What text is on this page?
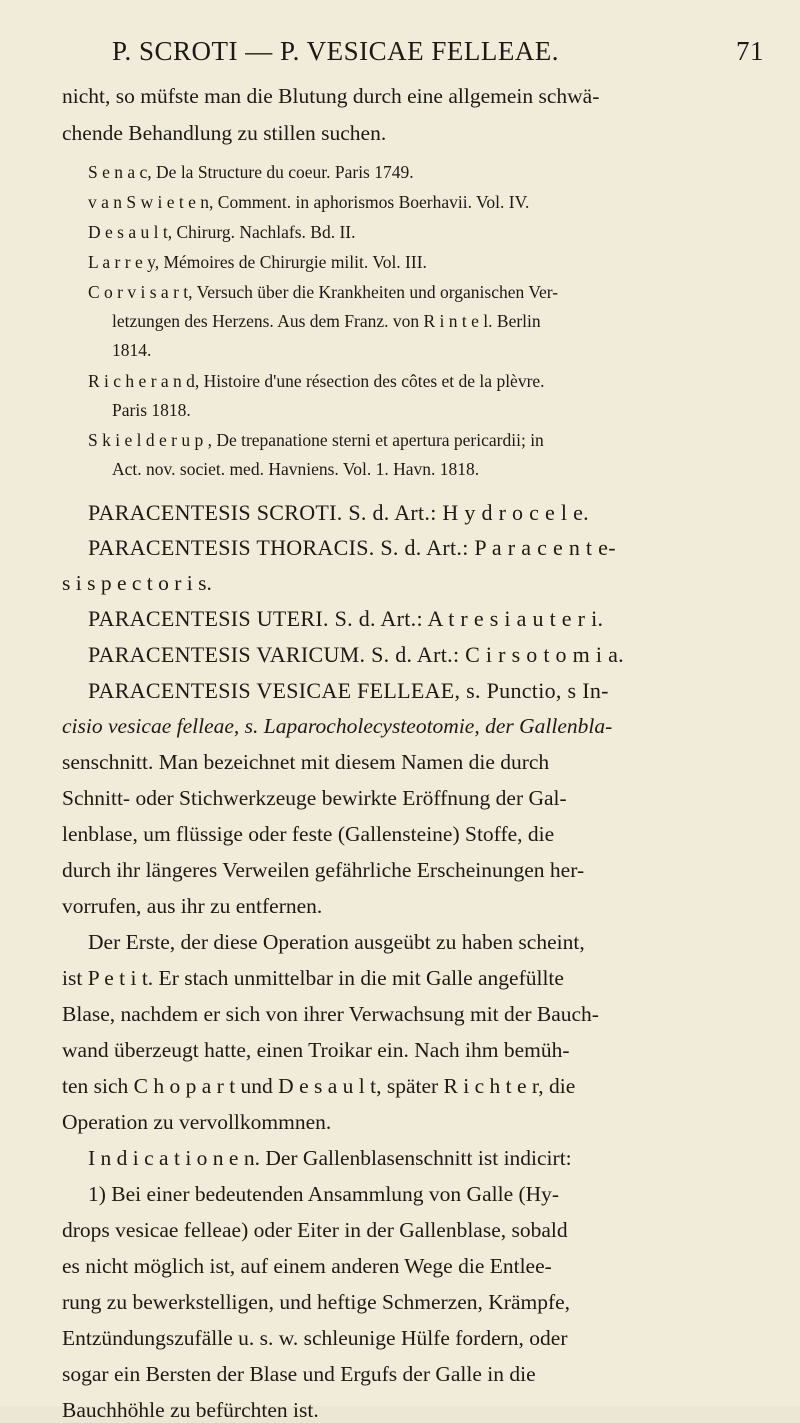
P. SCROTI — P. VESICAE FELLEAE.	71
nicht, so müfste man die Blutung durch eine allgemein schwä-
chende Behandlung zu stillen suchen.
S e n a c, De la Structure du coeur. Paris 1749.
v a n S w i e t e n, Comment. in aphorismos Boerhavii. Vol. IV.
D e s a u l t, Chirurg. Nachlafs. Bd. II.
L a r r e y, Mémoires de Chirurgie milit. Vol. III.
C o r v i s a r t, Versuch über die Krankheiten und organischen Ver-
letzungen des Herzens. Aus dem Franz. von R i n t e l. Berlin
1814.
R i c h e r a n d, Histoire d'une résection des côtes et de la plèvre.
Paris 1818.
S k i e l d e r u p , De trepanatione sterni et apertura pericardii; in
Act. nov. societ. med. Havniens. Vol. 1. Havn. 1818.
PARACENTESIS SCROTI. S. d. Art.: H y d r o c e l e.
PARACENTESIS THORACIS. S. d. Art.: P a r a c e n t e-
s i s p e c t o r i s.
PARACENTESIS UTERI. S. d. Art.: A t r e s i a u t e r i.
PARACENTESIS VARICUM. S. d. Art.: C i r s o t o m i a.
PARACENTESIS VESICAE FELLEAE, s. Punctio, s In-
cisio vesicae felleae, s. Laparocholecysteotomie, der Gallenbla-
senschnitt. Man bezeichnet mit diesem Namen die durch
Schnitt- oder Stichwerkzeuge bewirkte Eröffnung der Gal-
lenblase, um flüssige oder feste (Gallensteine) Stoffe, die
durch ihr längeres Verweilen gefährliche Erscheinungen her-
vorrufen, aus ihr zu entfernen.
Der Erste, der diese Operation ausgeübt zu haben scheint,
ist P e t i t. Er stach unmittelbar in die mit Galle angefüllte
Blase, nachdem er sich von ihrer Verwachsung mit der Bauch-
wand überzeugt hatte, einen Troikar ein. Nach ihm bemüh-
ten sich C h o p a r t und D e s a u l t, später R i c h t e r, die
Operation zu vervollkommnen.
I n d i c a t i o n e n. Der Gallenblasenschnitt ist indicirt:
1) Bei einer bedeutenden Ansammlung von Galle (Hy-
drops vesicae felleae) oder Eiter in der Gallenblase, sobald
es nicht möglich ist, auf einem anderen Wege die Entlee-
rung zu bewerkstelligen, und heftige Schmerzen, Krämpfe,
Entzündungszufälle u. s. w. schleunige Hülfe fordern, oder
sogar ein Bersten der Blase und Ergufs der Galle in die
Bauchhöhle zu befürchten ist.
